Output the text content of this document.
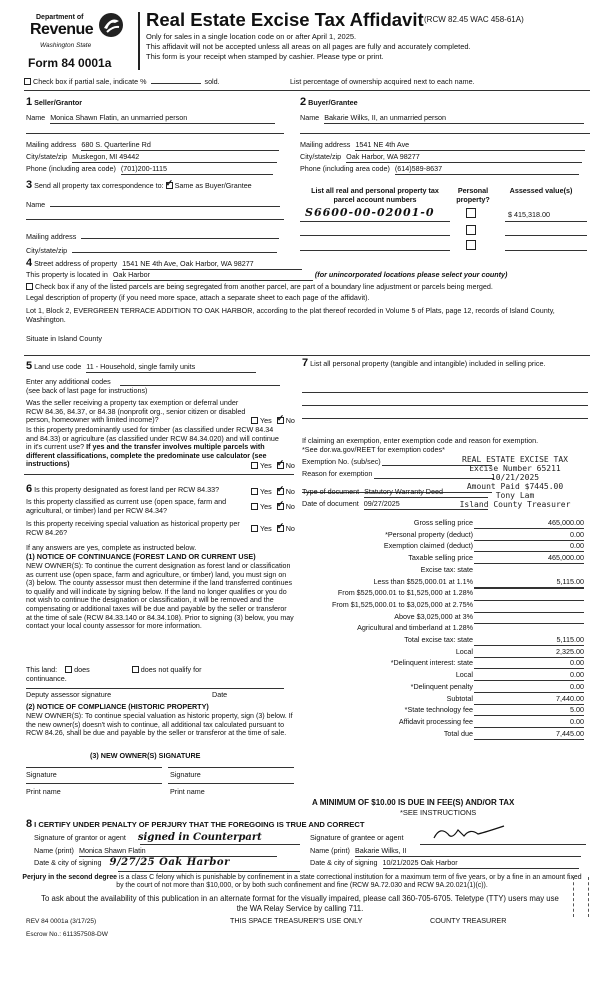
Department of
Revenue
Washington State
Form 84 0001a
Real Estate Excise Tax Affidavit (RCW 82.45 WAC 458-61A)
Only for sales in a single location code on or after April 1, 2025.
This affidavit will not be accepted unless all areas on all pages are fully and accurately completed.
This form is your receipt when stamped by cashier. Please type or print.
Check box if partial sale, indicate %	sold.	List percentage of ownership acquired next to each name.
1 Seller/Grantor
Name Monica Shawn Flatin, an unmarried person
Mailing address 680 S. Quarterline Rd
City/state/zip Muskegon, MI 49442
Phone (including area code) (701)200-1115
2 Buyer/Grantee
Name Bakarie Wilks, II, an unmarried person
Mailing address 1541 NE 4th Ave
City/state/zip Oak Harbor, WA 98277
Phone (including area code) (614)589-8637
3 Send all property tax correspondence to: ✓ Same as Buyer/Grantee
Name
Mailing address
City/state/zip
List all real and personal property tax parcel account numbers
Personal property?
Assessed value(s)
S6600-00-02001-0	$ 415,318.00
4 Street address of property 1541 NE 4th Ave, Oak Harbor, WA 98277
This property is located in Oak Harbor	(for unincorporated locations please select your county)
Check box if any of the listed parcels are being segregated from another parcel, are part of a boundary line adjustment or parcels being merged.
Legal description of property (if you need more space, attach a separate sheet to each page of the affidavit).
Lot 1, Block 2, EVERGREEN TERRACE ADDITION TO OAK HARBOR, according to the plat thereof recorded in Volume 5 of Plats, page 12, records of Island County, Washington.
Situate in Island County
5 Land use code 11 - Household, single family units
Enter any additional codes
(see back of last page for instructions)
Was the seller receiving a property tax exemption or deferral under RCW 84.36, 84.37, or 84.38 (nonprofit org., senior citizen or disabled person, homeowner with limited income)?	Yes ✓ No
Is this property predominantly used for timber (as classified under RCW 84.34 and 84.33) or agriculture (as classified under RCW 84.34.020) and will continue in it's current use? If yes and the transfer involves multiple parcels with different classifications, complete the predominate use calculator (see instructions)	Yes ✓ No
7 List all personal property (tangible and intangible) included in selling price.
If claiming an exemption, enter exemption code and reason for exemption. *See dor.wa.gov/REET for exemption codes*
Exemption No. (sub/sec)
Reason for exemption
REAL ESTATE EXCISE TAX
Excise Number 65211
10/21/2025
Amount Paid $7445.00
Tony Lam
Island County Treasurer
6 Is this property designated as forest land per RCW 84.33?	Yes ✓ No
Is this property classified as current use (open space, farm and agricultural, or timber) land per RCW 84.34?	Yes ✓ No
Is this property receiving special valuation as historical property per RCW 84.26?	Yes ✓ No
If any answers are yes, complete as instructed below.
(1) NOTICE OF CONTINUANCE (FOREST LAND OR CURRENT USE)
NEW OWNER(S): To continue the current designation as forest land or classification as current use (open space, farm and agriculture, or timber) land, you must sign on (3) below. The county assessor must then determine if the land transferred continues to qualify and will indicate by signing below. If the land no longer qualifies or you do not wish to continue the designation or classification, it will be removed and the compensating or additional taxes will be due and payable by the seller or transferor at the time of sale (RCW 84.33.140 or 84.34.108). Prior to signing (3) below, you may contact your local county assessor for more information.
This land: does	does not qualify for
continuance.
Deputy assessor signature	Date
(2) NOTICE OF COMPLIANCE (HISTORIC PROPERTY)
NEW OWNER(S): To continue special valuation as historic property, sign (3) below. If the new owner(s) doesn't wish to continue, all additional tax calculated pursuant to RCW 84.26, shall be due and payable by the seller or transferor at the time of sale.
(3) NEW OWNER(S) SIGNATURE
Signature	Signature
Print name	Print name
Type of document Statutory Warranty Deed
Date of document 09/27/2025
Gross selling price	465,000.00
*Personal property (deduct)	0.00
Exemption claimed (deduct)	0.00
Taxable selling price	465,000.00
Excise tax: state
Less than $525,000.01 at 1.1%	5,115.00
From $525,000.01 to $1,525,000 at 1.28%
From $1,525,000.01 to $3,025,000 at 2.75%
Above $3,025,000 at 3%
Agricultural and timberland at 1.28%
Total excise tax: state	5,115.00
Local	2,325.00
*Delinquent interest: state	0.00
Local	0.00
*Delinquent penalty	0.00
Subtotal	7,440.00
*State technology fee	5.00
Affidavit processing fee	0.00
Total due	7,445.00
A MINIMUM OF $10.00 IS DUE IN FEE(S) AND/OR TAX
*SEE INSTRUCTIONS
8 I CERTIFY UNDER PENALTY OF PERJURY THAT THE FOREGOING IS TRUE AND CORRECT
Signature of grantor or agent signed in Counterpart
Name (print) Monica Shawn Flatin
Date & city of signing 9/27/25 Oak Harbor
Signature of grantee or agent
Name (print) Bakarie Wilks, II
Date & city of signing 10/21/2025 Oak Harbor
Perjury in the second degree is a class C felony which is punishable by confinement in a state correctional institution for a maximum term of five years, or by a fine in an amount fixed by the court of not more than $10,000, or by both such confinement and fine (RCW 9A.72.030 and RCW 9A.20.021(1)(c)).
To ask about the availability of this publication in an alternate format for the visually impaired, please call 360-705-6705. Teletype (TTY) users may use the WA Relay Service by calling 711.
REV 84 0001a (3/17/25)	THIS SPACE TREASURER'S USE ONLY	COUNTY TREASURER
Escrow No.: 611357508-DW
